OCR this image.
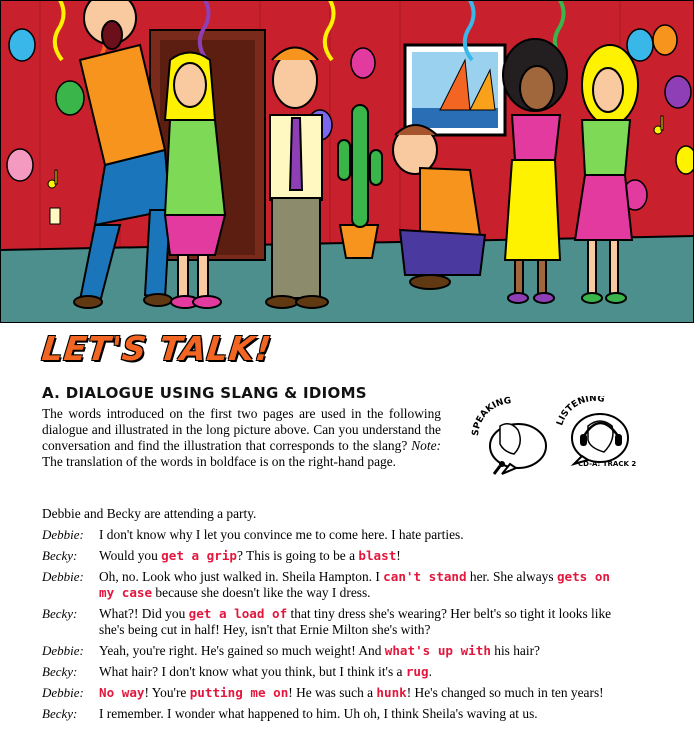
LET'S TALK!
A. DIALOGUE USING SLANG & IDIOMS

The words introduced on the first two pages are used in the following dialogue and illustrated in the long picture above. Can you understand the conversation and find the illustration that corresponds to the slang? Note: The translation of the words in boldface is on the right-hand page.

SPEAKING
LISTENING
CD-A: TRACK 2
Debbie and Becky are attending a party.
Debbie:	I don't know why I let you convince me to come here. I hate parties.
Becky:	Would you get a grip? This is going to be a blast!
Debbie:	Oh, no. Look who just walked in. Sheila Hampton. I can't stand her. She always gets on my case because she doesn't like the way I dress.
Becky:	What?! Did you get a load of that tiny dress she's wearing? Her belt's so tight it looks like she's being cut in half! Hey, isn't that Ernie Milton she's with?
Debbie:	Yeah, you're right. He's gained so much weight! And what's up with his hair?
Becky:	What hair? I don't know what you think, but I think it's a rug.
Debbie:	No way! You're putting me on! He was such a hunk! He's changed so much in ten years!
Becky:	I remember. I wonder what happened to him. Uh oh, I think Sheila's waving at us.
